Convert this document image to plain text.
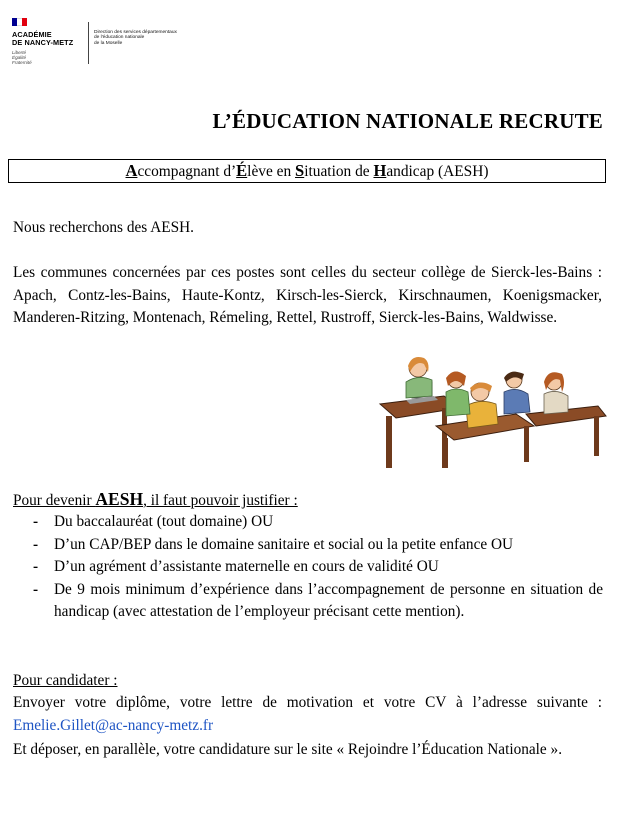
ACADÉMIE
DE NANCY-METZ
Liberté
Égalité
Fraternité
Direction des services départementaux
de l'éducation nationale
de la Moselle
L’ÉDUCATION NATIONALE RECRUTE
Accompagnant d’Élève en Situation de Handicap (AESH)

Nous recherchons des AESH.

Les communes concernées par ces postes sont celles du secteur collège de Sierck-les-Bains : Apach, Contz-les-Bains, Haute-Kontz, Kirsch-les-Sierck, Kirschnaumen, Koenigsmacker, Manderen-Ritzing, Montenach, Rémeling, Rettel, Rustroff, Sierck-les-Bains, Waldwisse.

Pour devenir AESH, il faut pouvoir justifier :

- Du baccalauréat (tout domaine) OU
- D’un CAP/BEP dans le domaine sanitaire et social ou la petite enfance OU
- D’un agrément d’assistante maternelle en cours de validité OU
- De 9 mois minimum d’expérience dans l’accompagnement de personne en situation de handicap (avec attestation de l’employeur précisant cette mention).

Pour candidater :

Envoyer votre diplôme, votre lettre de motivation et votre CV à l’adresse suivante : Emelie.Gillet@ac-nancy-metz.fr

Et déposer, en parallèle, votre candidature sur le site « Rejoindre l’Éducation Nationale ».
